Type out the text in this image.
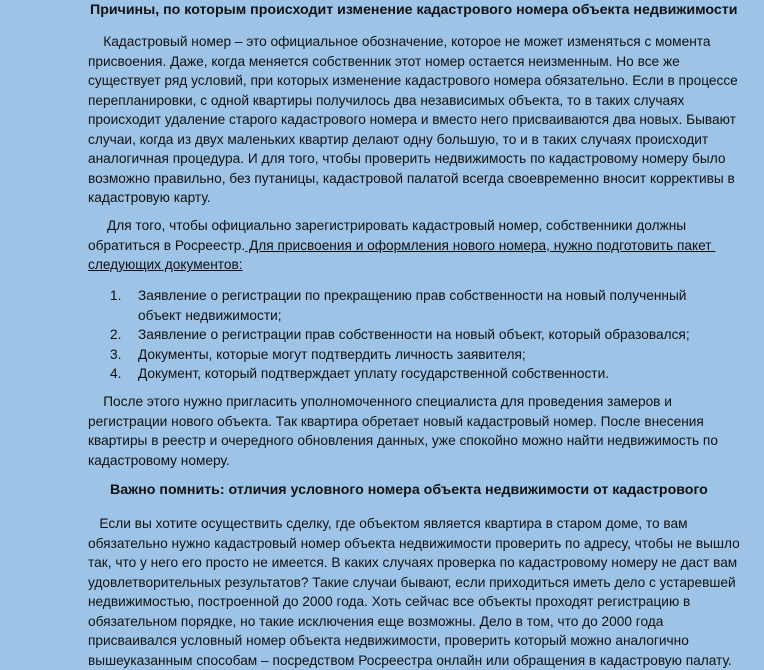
Причины, по которым происходит изменение кадастрового номера объекта недвижимости

Кадастровый номер – это официальное обозначение, которое не может изменяться с момента присвоения. Даже, когда меняется собственник этот номер остается неизменным. Но все же существует ряд условий, при которых изменение кадастрового номера обязательно. Если в процессе перепланировки, с одной квартиры получилось два независимых объекта, то в таких случаях происходит удаление старого кадастрового номера и вместо него присваиваются два новых. Бывают случаи, когда из двух маленьких квартир делают одну большую, то и в таких случаях происходит аналогичная процедура. И для того, чтобы проверить недвижимость по кадастровому номеру было возможно правильно, без путаницы, кадастровой палатой всегда своевременно вносит коррективы в кадастровую карту.

Для того, чтобы официально зарегистрировать кадастровый номер, собственники должны обратиться в Росреестр. Для присвоения и оформления нового номера, нужно подготовить пакет следующих документов:

1. Заявление о регистрации по прекращению прав собственности на новый полученный объект недвижимости;
2. Заявление о регистрации прав собственности на новый объект, который образовался;
3. Документы, которые могут подтвердить личность заявителя;
4. Документ, который подтверждает уплату государственной собственности.

После этого нужно пригласить уполномоченного специалиста для проведения замеров и регистрации нового объекта. Так квартира обретает новый кадастровый номер. После внесения квартиры в реестр и очередного обновления данных, уже спокойно можно найти недвижимость по кадастровому номеру.

Важно помнить: отличия условного номера объекта недвижимости от кадастрового

Если вы хотите осуществить сделку, где объектом является квартира в старом доме, то вам обязательно нужно кадастровый номер объекта недвижимости проверить по адресу, чтобы не вышло так, что у него его просто не имеется. В каких случаях проверка по кадастровому номеру не даст вам удовлетворительных результатов? Такие случаи бывают, если приходиться иметь дело с устаревшей недвижимостью, построенной до 2000 года. Хоть сейчас все объекты проходят регистрацию в обязательном порядке, но такие исключения еще возможны. Дело в том, что до 2000 года присваивался условный номер объекта недвижимости, проверить который можно аналогично вышеуказанным способам – посредством Росреестра онлайн или обращения в кадастровую палату.
